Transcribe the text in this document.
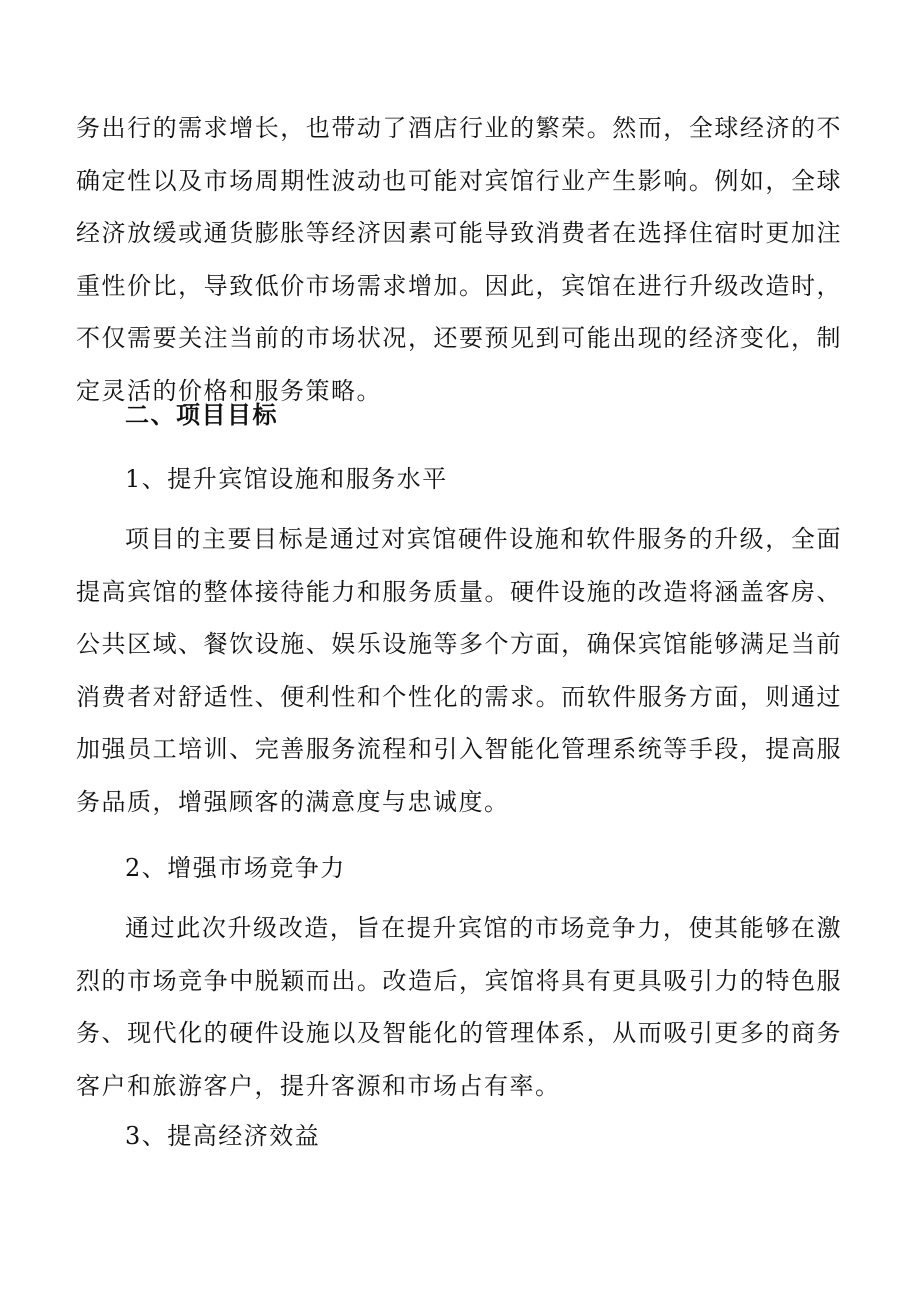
务出行的需求增长，也带动了酒店行业的繁荣。然而，全球经济的不确定性以及市场周期性波动也可能对宾馆行业产生影响。例如，全球经济放缓或通货膨胀等经济因素可能导致消费者在选择住宿时更加注重性价比，导致低价市场需求增加。因此，宾馆在进行升级改造时，不仅需要关注当前的市场状况，还要预见到可能出现的经济变化，制定灵活的价格和服务策略。

二、项目目标

1、提升宾馆设施和服务水平

项目的主要目标是通过对宾馆硬件设施和软件服务的升级，全面提高宾馆的整体接待能力和服务质量。硬件设施的改造将涵盖客房、公共区域、餐饮设施、娱乐设施等多个方面，确保宾馆能够满足当前消费者对舒适性、便利性和个性化的需求。而软件服务方面，则通过加强员工培训、完善服务流程和引入智能化管理系统等手段，提高服务品质，增强顾客的满意度与忠诚度。

2、增强市场竞争力

通过此次升级改造，旨在提升宾馆的市场竞争力，使其能够在激烈的市场竞争中脱颖而出。改造后，宾馆将具有更具吸引力的特色服务、现代化的硬件设施以及智能化的管理体系，从而吸引更多的商务客户和旅游客户，提升客源和市场占有率。

3、提高经济效益
